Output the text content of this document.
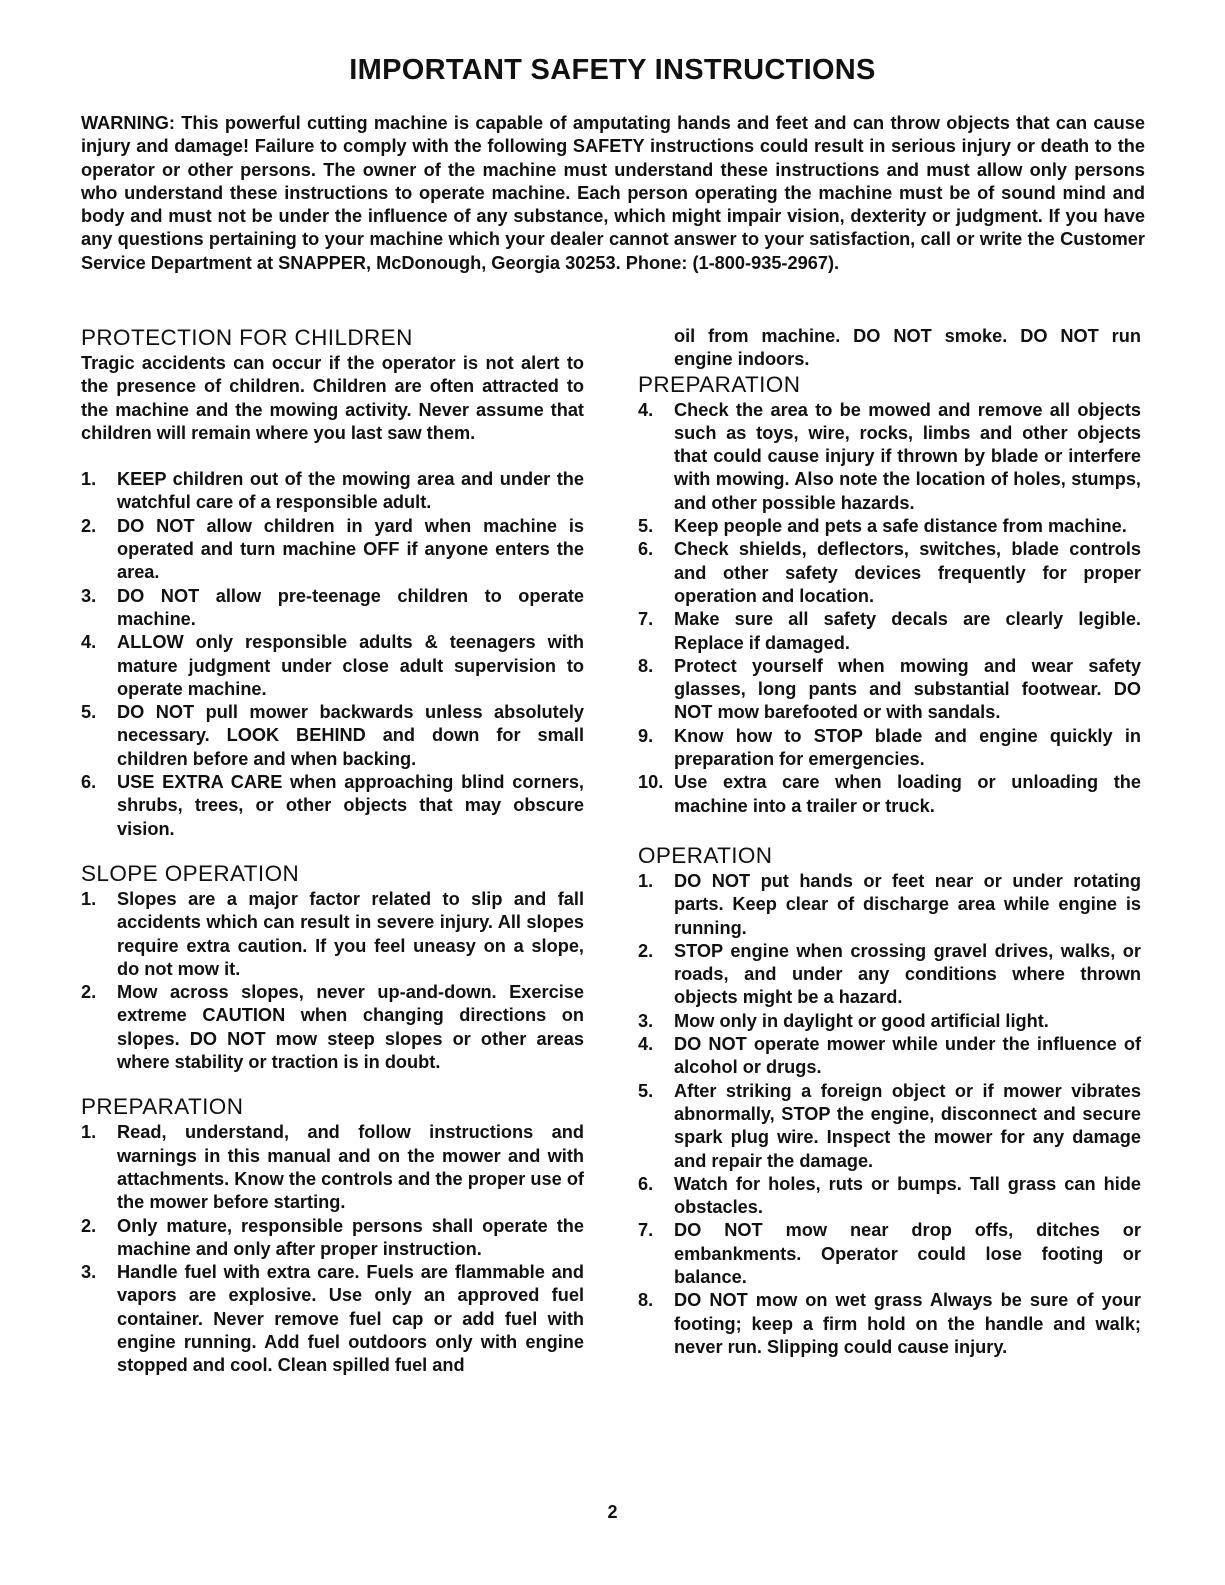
IMPORTANT SAFETY INSTRUCTIONS
WARNING: This powerful cutting machine is capable of amputating hands and feet and can throw objects that can cause injury and damage! Failure to comply with the following SAFETY instructions could result in serious injury or death to the operator or other persons. The owner of the machine must understand these instructions and must allow only persons who understand these instructions to operate machine. Each person operating the machine must be of sound mind and body and must not be under the influence of any substance, which might impair vision, dexterity or judgment. If you have any questions pertaining to your machine which your dealer cannot answer to your satisfaction, call or write the Customer Service Department at SNAPPER, McDonough, Georgia 30253. Phone: (1-800-935-2967).
PROTECTION FOR CHILDREN

Tragic accidents can occur if the operator is not alert to the presence of children. Children are often attracted to the machine and the mowing activity. Never assume that children will remain where you last saw them.

1. KEEP children out of the mowing area and under the watchful care of a responsible adult.
2. DO NOT allow children in yard when machine is operated and turn machine OFF if anyone enters the area.
3. DO NOT allow pre-teenage children to operate machine.
4. ALLOW only responsible adults & teenagers with mature judgment under close adult supervision to operate machine.
5. DO NOT pull mower backwards unless absolutely necessary. LOOK BEHIND and down for small children before and when backing.
6. USE EXTRA CARE when approaching blind corners, shrubs, trees, or other objects that may obscure vision.
SLOPE OPERATION
1. Slopes are a major factor related to slip and fall accidents which can result in severe injury. All slopes require extra caution. If you feel uneasy on a slope, do not mow it.
2. Mow across slopes, never up-and-down. Exercise extreme CAUTION when changing directions on slopes. DO NOT mow steep slopes or other areas where stability or traction is in doubt.
PREPARATION
1. Read, understand, and follow instructions and warnings in this manual and on the mower and with attachments. Know the controls and the proper use of the mower before starting.
2. Only mature, responsible persons shall operate the machine and only after proper instruction.
3. Handle fuel with extra care. Fuels are flammable and vapors are explosive. Use only an approved fuel container. Never remove fuel cap or add fuel with engine running. Add fuel outdoors only with engine stopped and cool. Clean spilled fuel and
oil from machine. DO NOT smoke. DO NOT run engine indoors.
PREPARATION
4. Check the area to be mowed and remove all objects such as toys, wire, rocks, limbs and other objects that could cause injury if thrown by blade or interfere with mowing. Also note the location of holes, stumps, and other possible hazards.
5. Keep people and pets a safe distance from machine.
6. Check shields, deflectors, switches, blade controls and other safety devices frequently for proper operation and location.
7. Make sure all safety decals are clearly legible. Replace if damaged.
8. Protect yourself when mowing and wear safety glasses, long pants and substantial footwear. DO NOT mow barefooted or with sandals.
9. Know how to STOP blade and engine quickly in preparation for emergencies.
10. Use extra care when loading or unloading the machine into a trailer or truck.
OPERATION
1. DO NOT put hands or feet near or under rotating parts. Keep clear of discharge area while engine is running.
2. STOP engine when crossing gravel drives, walks, or roads, and under any conditions where thrown objects might be a hazard.
3. Mow only in daylight or good artificial light.
4. DO NOT operate mower while under the influence of alcohol or drugs.
5. After striking a foreign object or if mower vibrates abnormally, STOP the engine, disconnect and secure spark plug wire. Inspect the mower for any damage and repair the damage.
6. Watch for holes, ruts or bumps. Tall grass can hide obstacles.
7. DO NOT mow near drop offs, ditches or embankments. Operator could lose footing or balance.
8. DO NOT mow on wet grass Always be sure of your footing; keep a firm hold on the handle and walk; never run. Slipping could cause injury.
2
